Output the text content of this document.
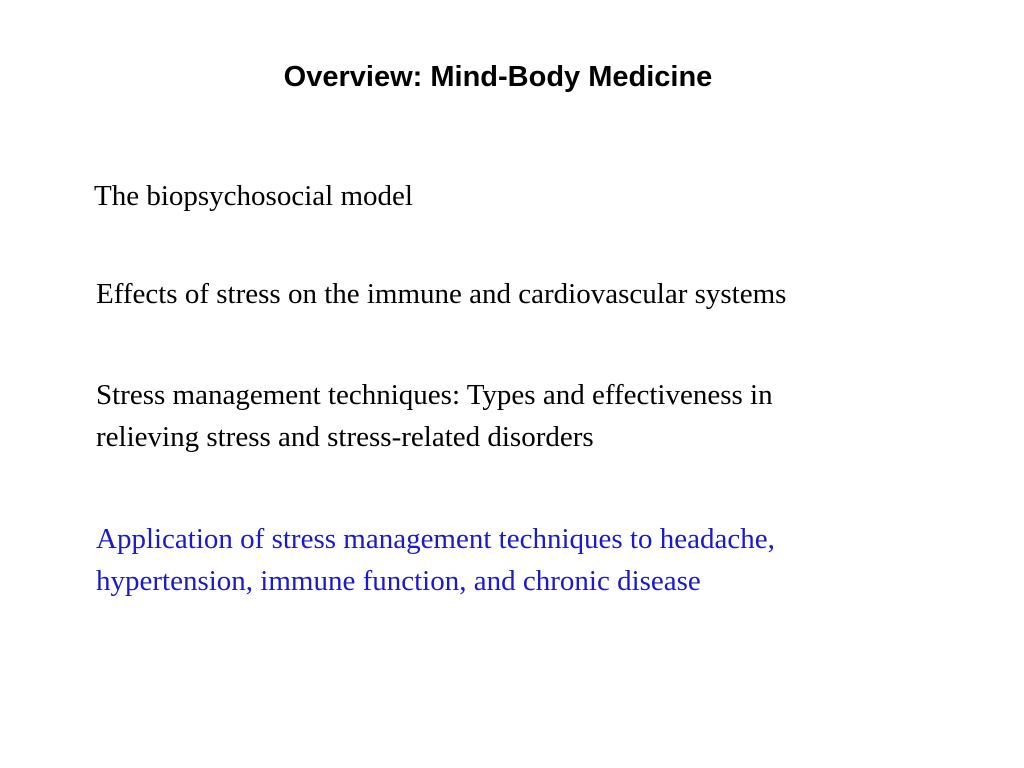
Overview: Mind-Body Medicine
The biopsychosocial model
Effects of stress on the immune and cardiovascular systems
Stress management techniques: Types and effectiveness in
relieving stress and stress-related disorders
Application of stress management techniques to headache,
hypertension, immune function, and chronic disease
